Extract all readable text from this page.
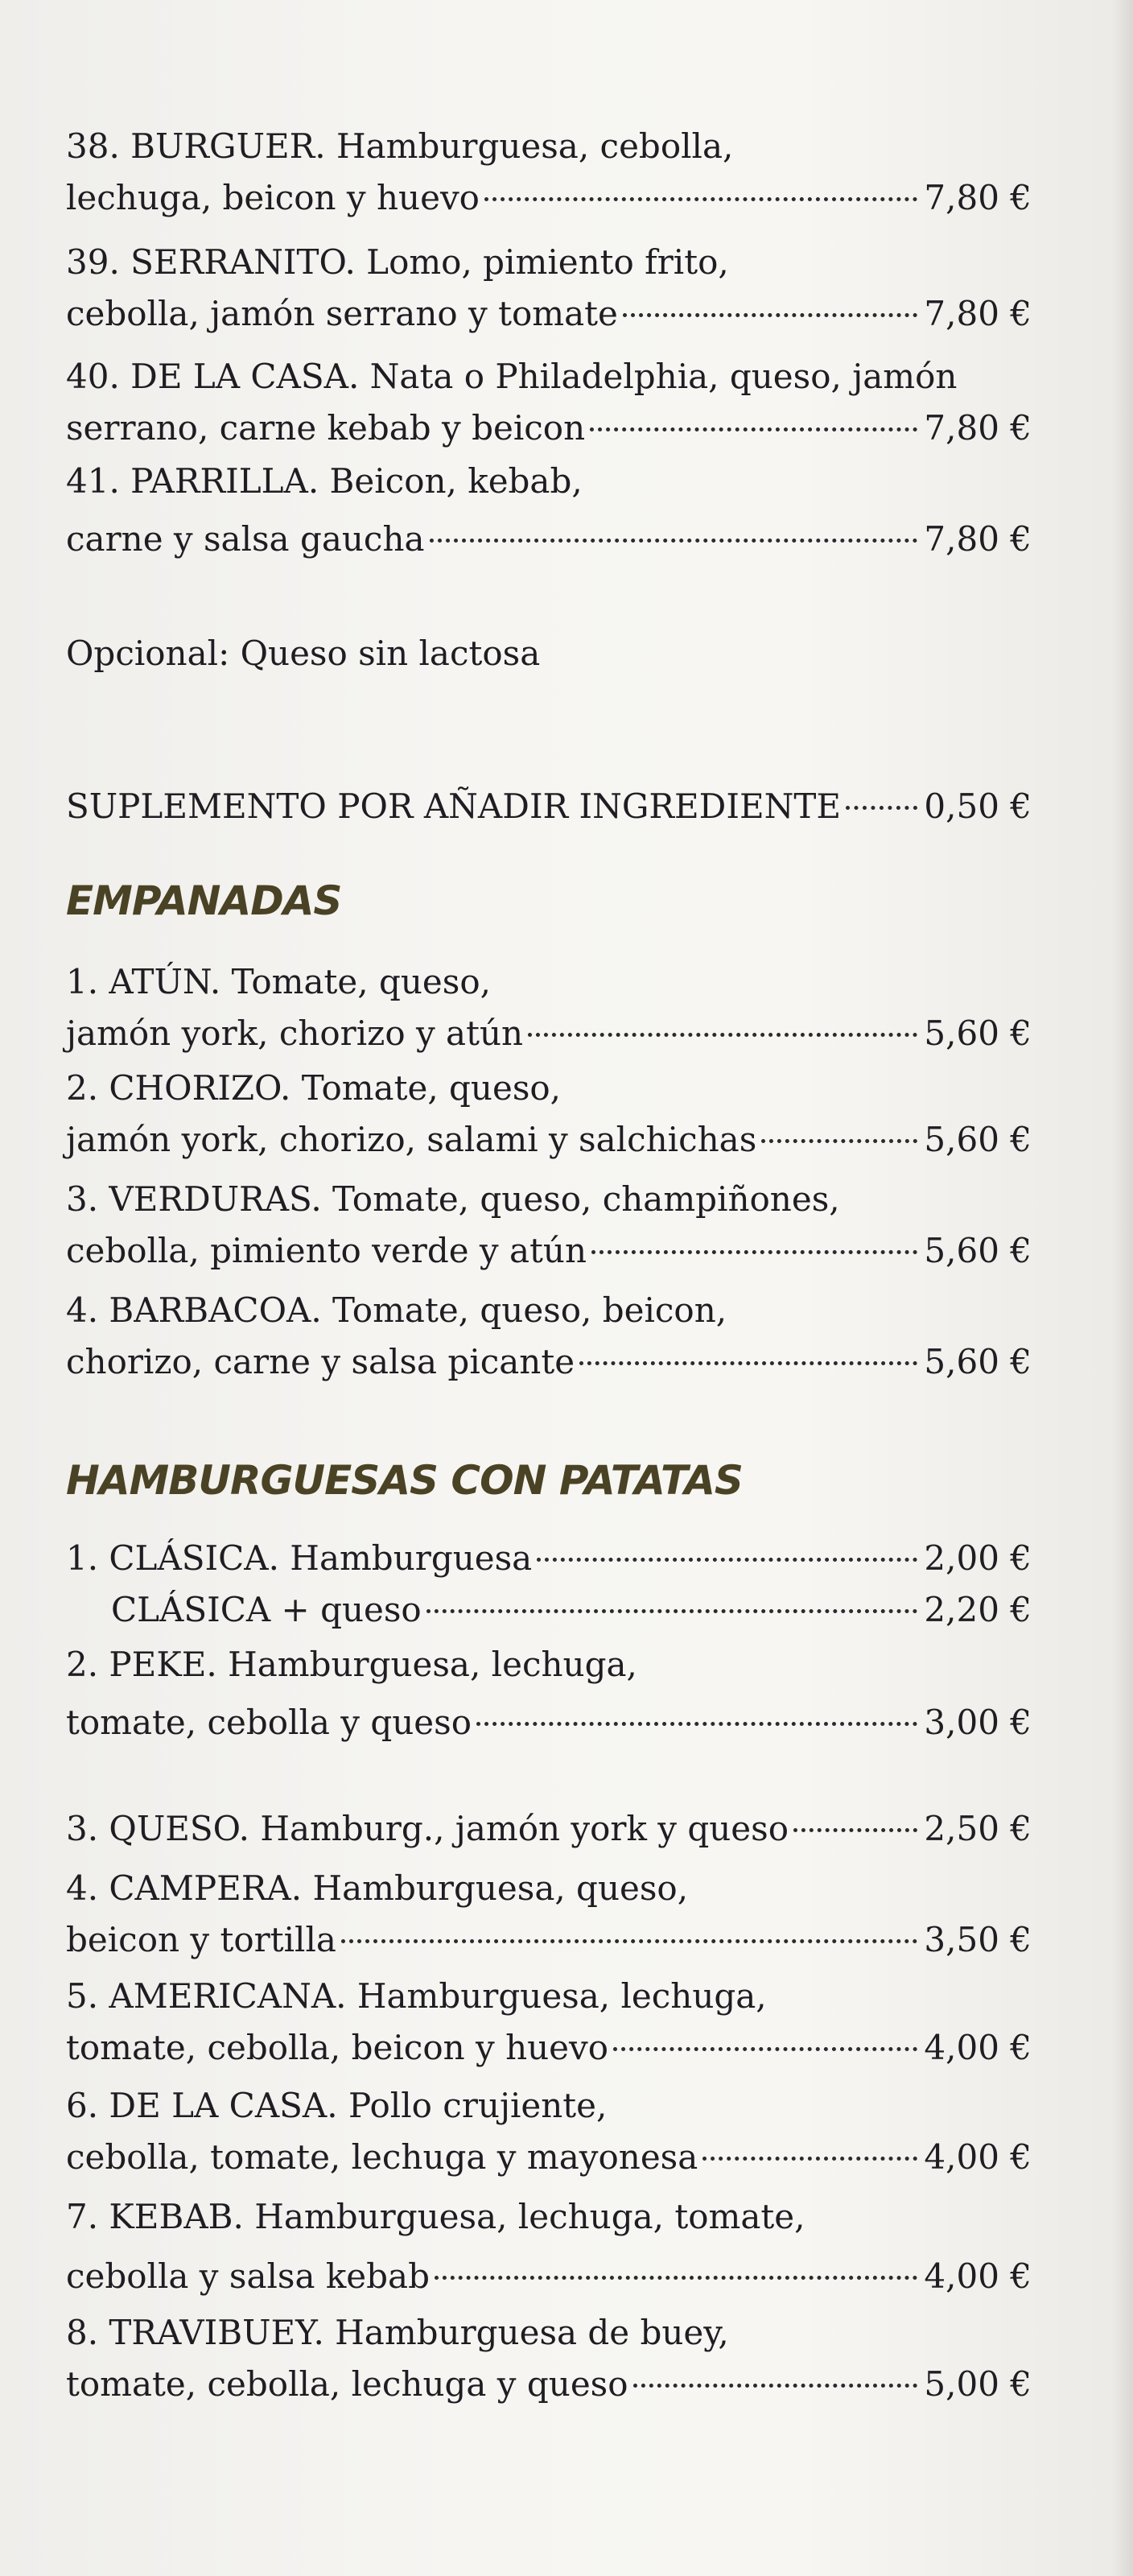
38. BURGUER. Hamburguesa, cebolla,
lechuga, beicon y huevo	7,80 €
39. SERRANITO. Lomo, pimiento frito,
cebolla, jamón serrano y tomate	7,80 €
40. DE LA CASA. Nata o Philadelphia, queso, jamón
serrano, carne kebab y beicon	7,80 €
41. PARRILLA. Beicon, kebab,
carne y salsa gaucha	7,80 €
Opcional: Queso sin lactosa
SUPLEMENTO POR AÑADIR INGREDIENTE 0,50 €
EMPANADAS
1. ATÚN. Tomate, queso,
jamón york, chorizo y atún	5,60 €
2. CHORIZO. Tomate, queso,
jamón york, chorizo, salami y salchichas	5,60 €
3. VERDURAS. Tomate, queso, champiñones,
cebolla, pimiento verde y atún	5,60 €
4. BARBACOA. Tomate, queso, beicon,
chorizo, carne y salsa picante	5,60 €
HAMBURGUESAS CON PATATAS
1. CLÁSICA. Hamburguesa	2,00 €
CLÁSICA + queso	2,20 €
2. PEKE. Hamburguesa, lechuga,
tomate, cebolla y queso	3,00 €
3. QUESO. Hamburg., jamón york y queso	2,50 €
4. CAMPERA. Hamburguesa, queso,
beicon y tortilla	3,50 €
5. AMERICANA. Hamburguesa, lechuga,
tomate, cebolla, beicon y huevo	4,00 €
6. DE LA CASA. Pollo crujiente,
cebolla, tomate, lechuga y mayonesa	4,00 €
7. KEBAB. Hamburguesa, lechuga, tomate,
cebolla y salsa kebab	4,00 €
8. TRAVIBUEY. Hamburguesa de buey,
tomate, cebolla, lechuga y queso	5,00 €
